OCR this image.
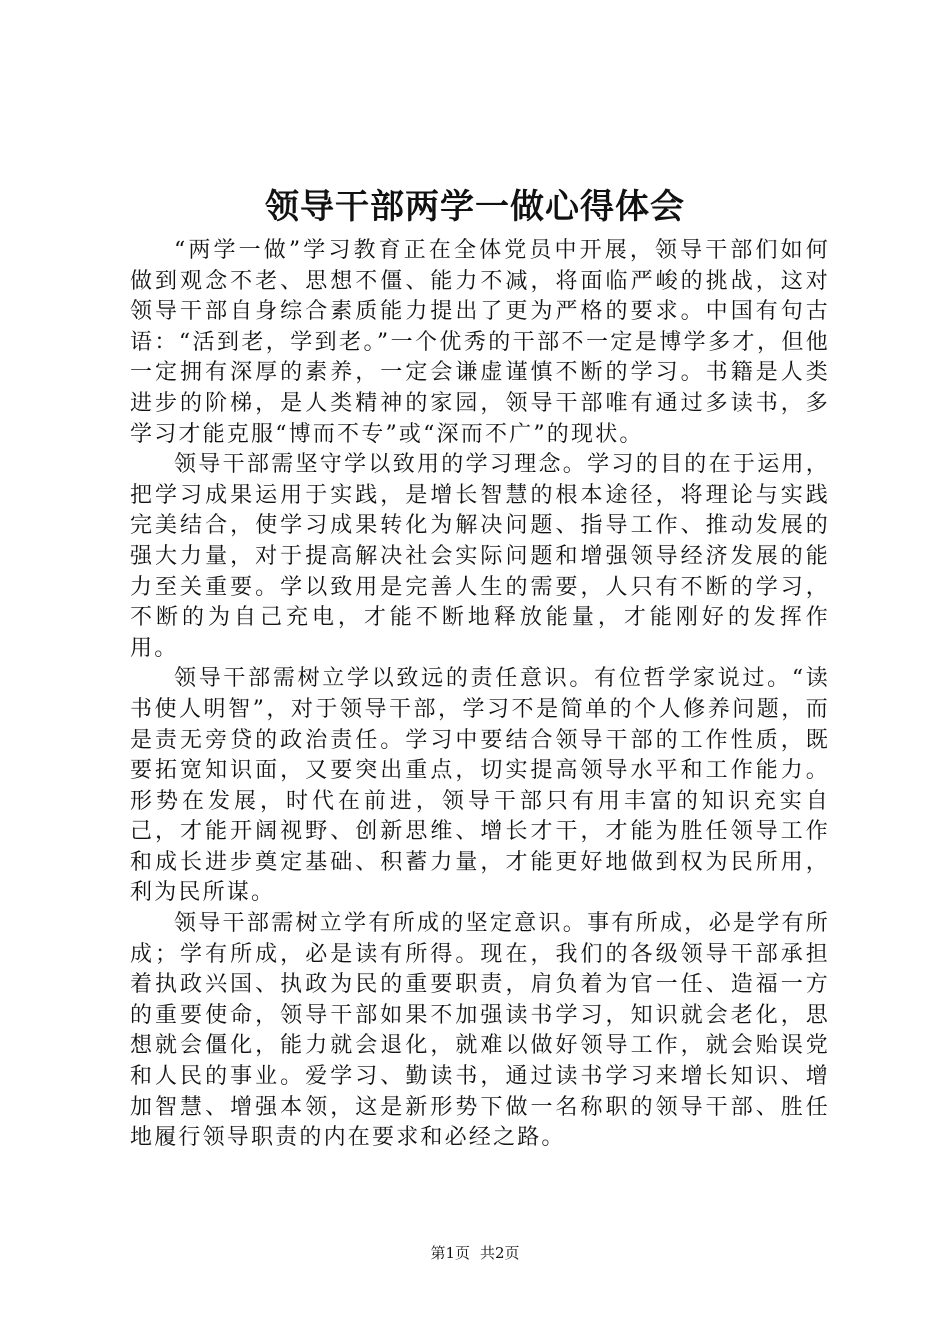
领导干部两学一做心得体会

“两学一做”学习教育正在全体党员中开展，领导干部们如何做到观念不老、思想不僵、能力不减，将面临严峻的挑战，这对领导干部自身综合素质能力提出了更为严格的要求。中国有句古语：“活到老，学到老。”一个优秀的干部不一定是博学多才，但他一定拥有深厚的素养，一定会谦虚谨慎不断的学习。书籍是人类进步的阶梯，是人类精神的家园，领导干部唯有通过多读书，多学习才能克服“博而不专”或“深而不广”的现状。

领导干部需坚守学以致用的学习理念。学习的目的在于运用，把学习成果运用于实践，是增长智慧的根本途径，将理论与实践完美结合，使学习成果转化为解决问题、指导工作、推动发展的强大力量，对于提高解决社会实际问题和增强领导经济发展的能力至关重要。学以致用是完善人生的需要，人只有不断的学习，不断的为自己充电，才能不断地释放能量，才能刚好的发挥作用。

领导干部需树立学以致远的责任意识。有位哲学家说过。“读书使人明智”，对于领导干部，学习不是简单的个人修养问题，而是责无旁贷的政治责任。学习中要结合领导干部的工作性质，既要拓宽知识面，又要突出重点，切实提高领导水平和工作能力。形势在发展，时代在前进，领导干部只有用丰富的知识充实自己，才能开阔视野、创新思维、增长才干，才能为胜任领导工作和成长进步奠定基础、积蓄力量，才能更好地做到权为民所用，利为民所谋。

领导干部需树立学有所成的坚定意识。事有所成，必是学有所成；学有所成，必是读有所得。现在，我们的各级领导干部承担着执政兴国、执政为民的重要职责，肩负着为官一任、造福一方的重要使命，领导干部如果不加强读书学习，知识就会老化，思想就会僵化，能力就会退化，就难以做好领导工作，就会贻误党和人民的事业。爱学习、勤读书，通过读书学习来增长知识、增加智慧、增强本领，这是新形势下做一名称职的领导干部、胜任地履行领导职责的内在要求和必经之路。

第1页 共2页
